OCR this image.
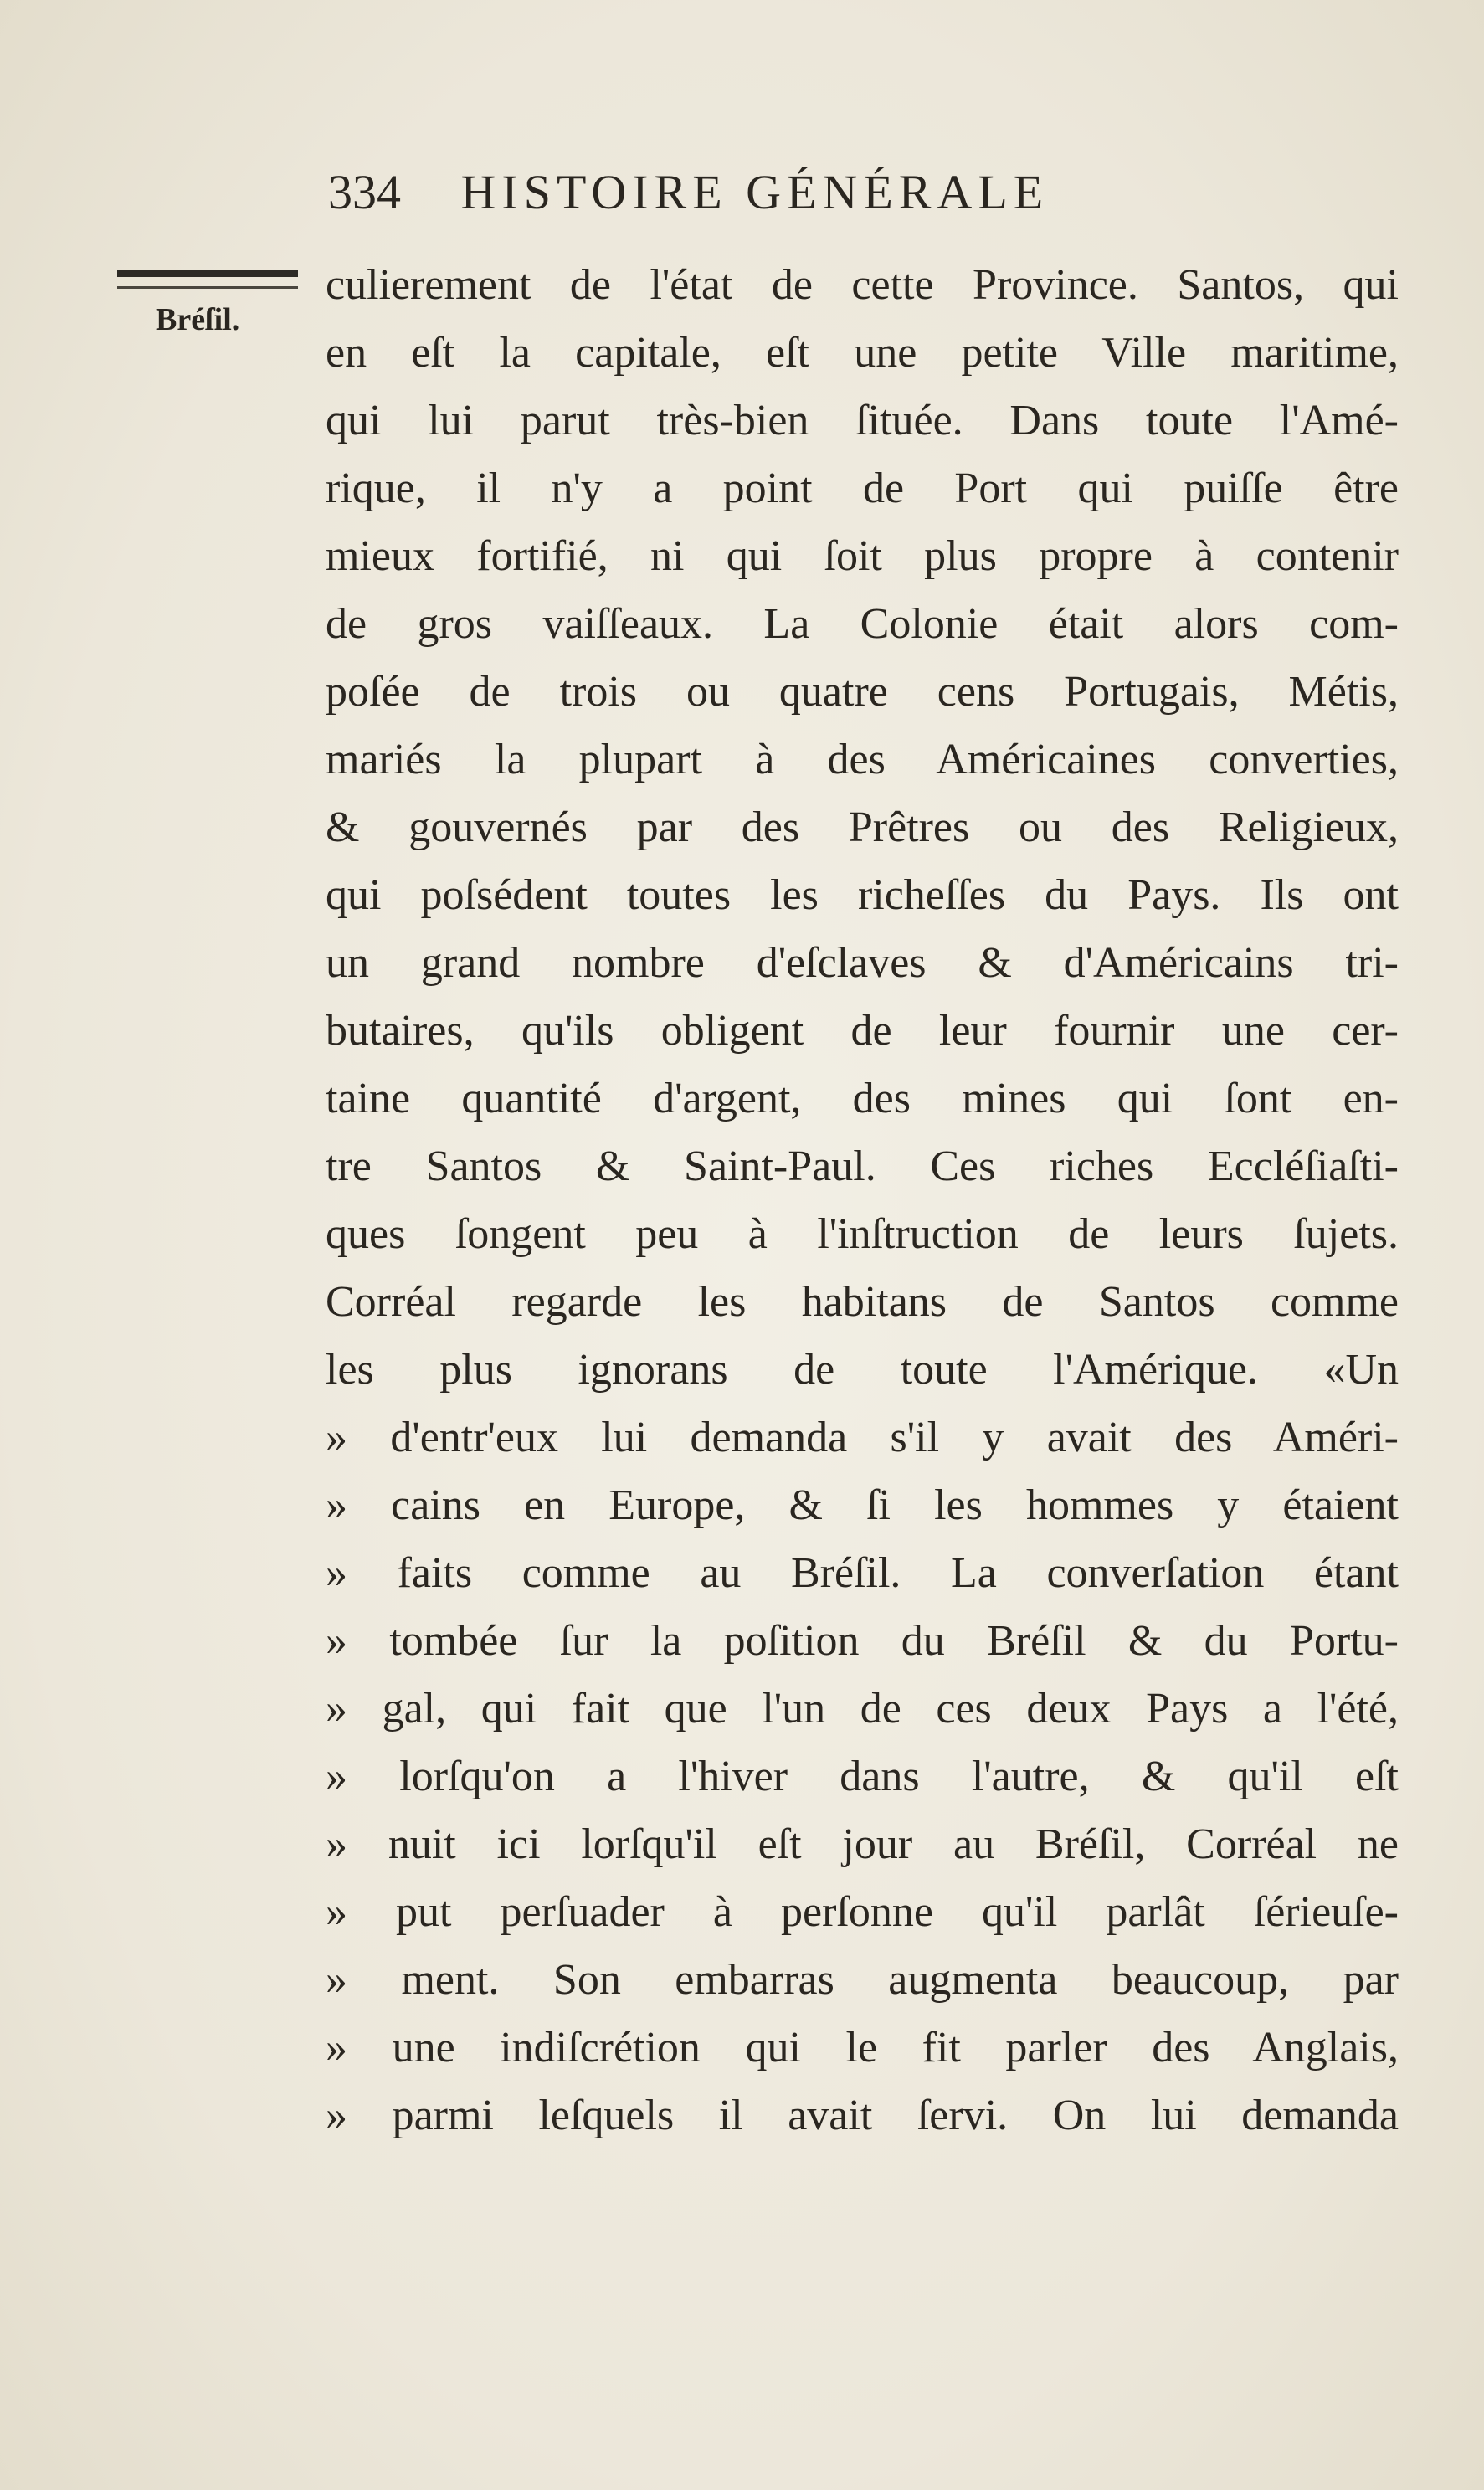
334 HISTOIRE GÉNÉRALE
Bréſil.
culierement de l'état de cette Province. Santos, qui
en eſt la capitale, eſt une petite Ville maritime,
qui lui parut très-bien ſituée. Dans toute l'Amé-
rique, il n'y a point de Port qui puiſſe être
mieux fortifié, ni qui ſoit plus propre à contenir
de gros vaiſſeaux. La Colonie était alors com-
poſée de trois ou quatre cens Portugais, Métis,
mariés la plupart à des Américaines converties,
& gouvernés par des Prêtres ou des Religieux,
qui poſsédent toutes les richeſſes du Pays. Ils ont
un grand nombre d'eſclaves & d'Américains tri-
butaires, qu'ils obligent de leur fournir une cer-
taine quantité d'argent, des mines qui ſont en-
tre Santos & Saint-Paul. Ces riches Eccléſiaſti-
ques ſongent peu à l'inſtruction de leurs ſujets.
Corréal regarde les habitans de Santos comme
les plus ignorans de toute l'Amérique. «Un
» d'entr'eux lui demanda s'il y avait des Améri-
» cains en Europe, & ſi les hommes y étaient
» faits comme au Bréſil. La converſation étant
» tombée ſur la poſition du Bréſil & du Portu-
» gal, qui fait que l'un de ces deux Pays a l'été,
» lorſqu'on a l'hiver dans l'autre, & qu'il eſt
» nuit ici lorſqu'il eſt jour au Bréſil, Corréal ne
» put perſuader à perſonne qu'il parlât ſérieuſe-
» ment. Son embarras augmenta beaucoup, par
» une indiſcrétion qui le fit parler des Anglais,
» parmi leſquels il avait ſervi. On lui demanda
